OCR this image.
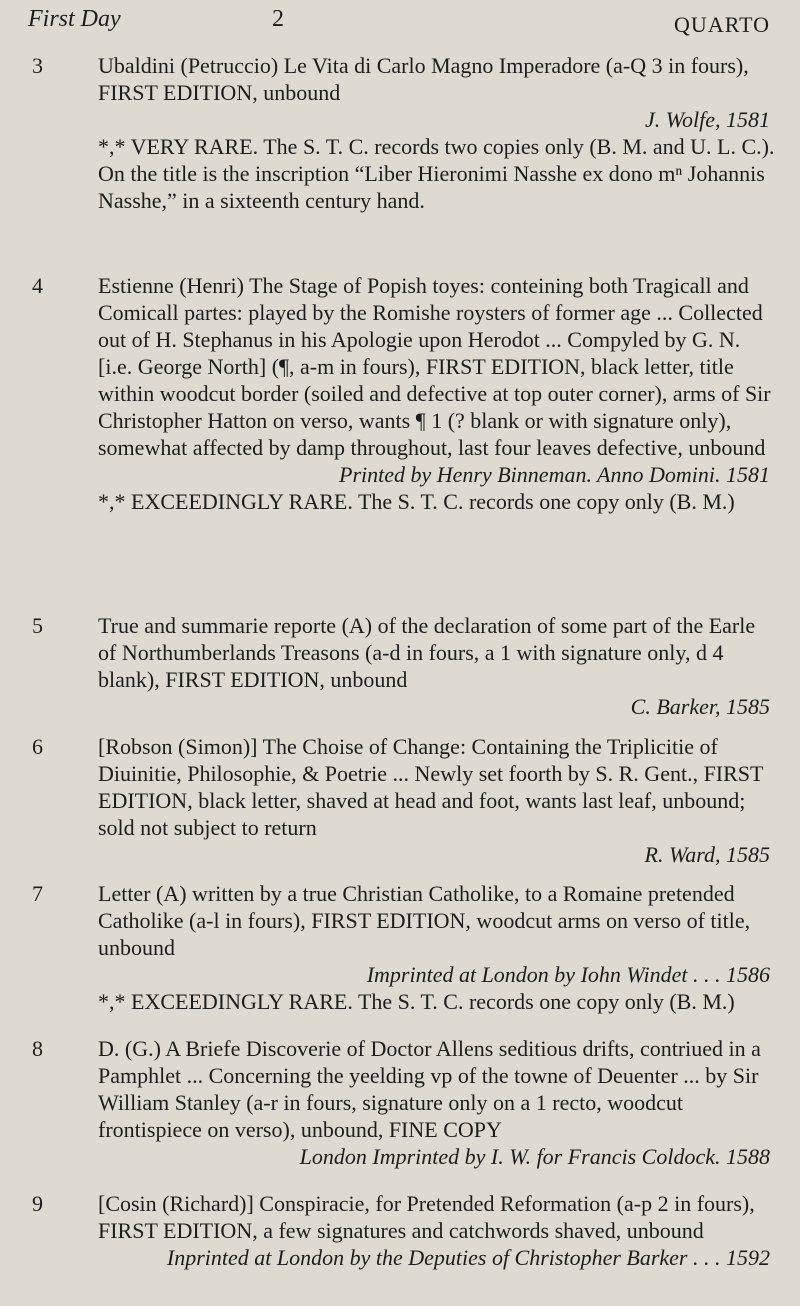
First Day	2	QUARTO
3	Ubaldini (Petruccio) Le Vita di Carlo Magno Imperadore (a-Q 3 in fours), FIRST EDITION, unbound
J. Wolfe, 1581
*,* VERY RARE. The S. T. C. records two copies only (B. M. and U. L. C.). On the title is the inscription “Liber Hieronimi Nasshe ex dono mⁿ Johannis Nasshe,” in a sixteenth century hand.
4	Estienne (Henri) The Stage of Popish toyes: conteining both Tragicall and Comicall partes: played by the Romishe roysters of former age ... Collected out of H. Stephanus in his Apologie upon Herodot ... Compyled by G. N. [i.e. George North] (¶, a-m in fours), FIRST EDITION, black letter, title within woodcut border (soiled and defective at top outer corner), arms of Sir Christopher Hatton on verso, wants ¶ 1 (? blank or with signature only), somewhat affected by damp throughout, last four leaves defective, unbound
Printed by Henry Binneman. Anno Domini. 1581
*,* EXCEEDINGLY RARE. The S. T. C. records one copy only (B. M.)
5	True and summarie reporte (A) of the declaration of some part of the Earle of Northumberlands Treasons (a-d in fours, a 1 with signature only, d 4 blank), FIRST EDITION, unbound
C. Barker, 1585
6	[Robson (Simon)] The Choise of Change: Containing the Triplicitie of Diuinitie, Philosophie, & Poetrie ... Newly set foorth by S. R. Gent., FIRST EDITION, black letter, shaved at head and foot, wants last leaf, unbound; sold not subject to return
R. Ward, 1585
7	Letter (A) written by a true Christian Catholike, to a Romaine pretended Catholike (a-l in fours), FIRST EDITION, woodcut arms on verso of title, unbound
Imprinted at London by Iohn Windet . . . 1586
*,* EXCEEDINGLY RARE. The S. T. C. records one copy only (B. M.)
8	D. (G.) A Briefe Discoverie of Doctor Allens seditious drifts, contriued in a Pamphlet ... Concerning the yeelding vp of the towne of Deuenter ... by Sir William Stanley (a-r in fours, signature only on a 1 recto, woodcut frontispiece on verso), unbound, FINE COPY
London Imprinted by I. W. for Francis Coldock. 1588
9	[Cosin (Richard)] Conspiracie, for Pretended Reformation (a-p 2 in fours), FIRST EDITION, a few signatures and catchwords shaved, unbound
Inprinted at London by the Deputies of Christopher Barker . . . 1592
